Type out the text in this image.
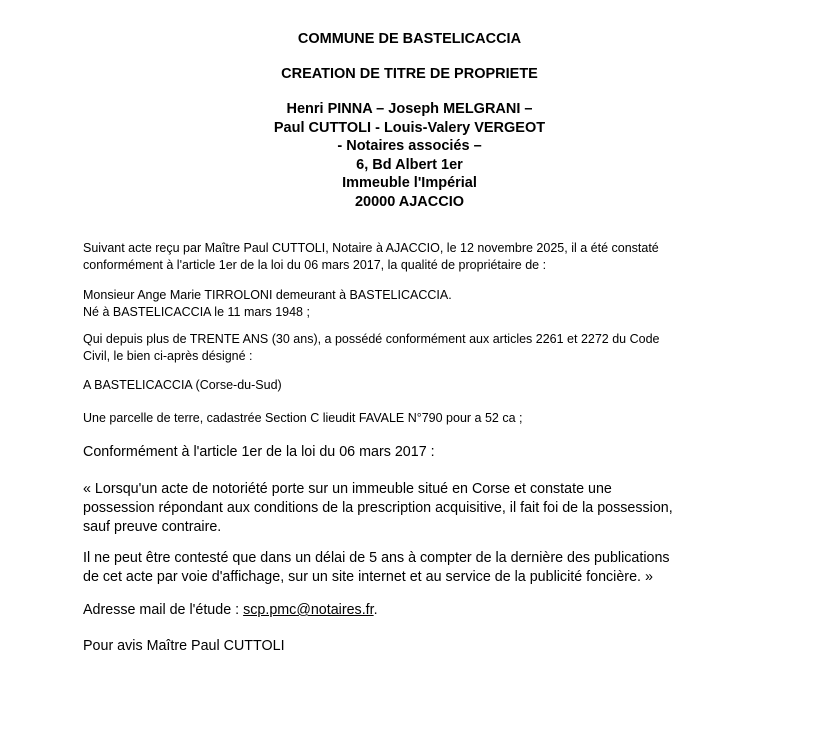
COMMUNE DE BASTELICACCIA
CREATION DE TITRE DE PROPRIETE
Henri PINNA – Joseph MELGRANI –
Paul CUTTOLI - Louis-Valery VERGEOT
- Notaires associés –
6, Bd Albert 1er
Immeuble l'Impérial
20000 AJACCIO
Suivant acte reçu par Maître Paul CUTTOLI, Notaire à AJACCIO, le 12 novembre 2025, il a été constaté
conformément à l'article 1er de la loi du 06 mars 2017, la qualité de propriétaire de :
Monsieur Ange Marie TIRROLONI demeurant à BASTELICACCIA.
Né à BASTELICACCIA le 11 mars 1948 ;
Qui depuis plus de TRENTE ANS (30 ans), a possédé conformément aux articles 2261 et 2272 du Code
Civil, le bien ci-après désigné :
A BASTELICACCIA (Corse-du-Sud)
Une parcelle de terre, cadastrée Section C lieudit FAVALE N°790 pour a 52 ca ;
Conformément à l'article 1er de la loi du 06 mars 2017 :
« Lorsqu'un acte de notoriété porte sur un immeuble situé en Corse et constate une
possession répondant aux conditions de la prescription acquisitive, il fait foi de la possession,
sauf preuve contraire.
Il ne peut être contesté que dans un délai de 5 ans à compter de la dernière des publications
de cet acte par voie d'affichage, sur un site internet et au service de la publicité foncière. »
Adresse mail de l'étude : scp.pmc@notaires.fr.
Pour avis Maître Paul CUTTOLI
